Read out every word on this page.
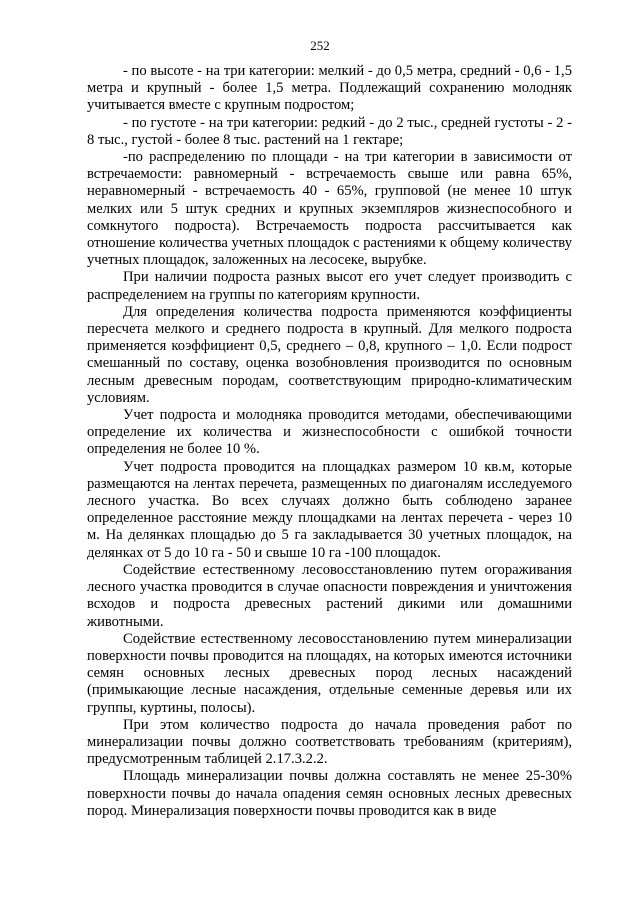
252

- по высоте - на три категории: мелкий - до 0,5 метра, средний - 0,6 - 1,5 метра и крупный - более 1,5 метра. Подлежащий сохранению молодняк учитывается вместе с крупным подростом;

- по густоте - на три категории: редкий - до 2 тыс., средней густоты - 2 - 8 тыс., густой - более 8 тыс. растений на 1 гектаре;

-по распределению по площади - на три категории в зависимости от встречаемости: равномерный - встречаемость свыше или равна 65%, неравномерный - встречаемость 40 - 65%, групповой (не менее 10 штук мелких или 5 штук средних и крупных экземпляров жизнеспособного и сомкнутого подроста). Встречаемость подроста рассчитывается как отношение количества учетных площадок с растениями к общему количеству учетных площадок, заложенных на лесосеке, вырубке.

При наличии подроста разных высот его учет следует производить с распределением на группы по категориям крупности.

Для определения количества подроста применяются коэффициенты пересчета мелкого и среднего подроста в крупный. Для мелкого подроста применяется коэффициент 0,5, среднего – 0,8, крупного – 1,0. Если подрост смешанный по составу, оценка возобновления производится по основным лесным древесным породам, соответствующим природно-климатическим условиям.

Учет подроста и молодняка проводится методами, обеспечивающими определение их количества и жизнеспособности с ошибкой точности определения не более 10 %.

Учет подроста проводится на площадках размером 10 кв.м, которые размещаются на лентах перечета, размещенных по диагоналям исследуемого лесного участка. Во всех случаях должно быть соблюдено заранее определенное расстояние между площадками на лентах перечета - через 10 м. На делянках площадью до 5 га закладывается 30 учетных площадок, на делянках от 5 до 10 га - 50 и свыше 10 га -100 площадок.

Содействие естественному лесовосстановлению путем огораживания лесного участка проводится в случае опасности повреждения и уничтожения всходов и подроста древесных растений дикими или домашними животными.

Содействие естественному лесовосстановлению путем минерализации поверхности почвы проводится на площадях, на которых имеются источники семян основных лесных древесных пород лесных насаждений (примыкающие лесные насаждения, отдельные семенные деревья или их группы, куртины, полосы).

При этом количество подроста до начала проведения работ по минерализации почвы должно соответствовать требованиям (критериям), предусмотренным таблицей 2.17.3.2.2.

Площадь минерализации почвы должна составлять не менее 25-30% поверхности почвы до начала опадения семян основных лесных древесных пород. Минерализация поверхности почвы проводится как в виде
